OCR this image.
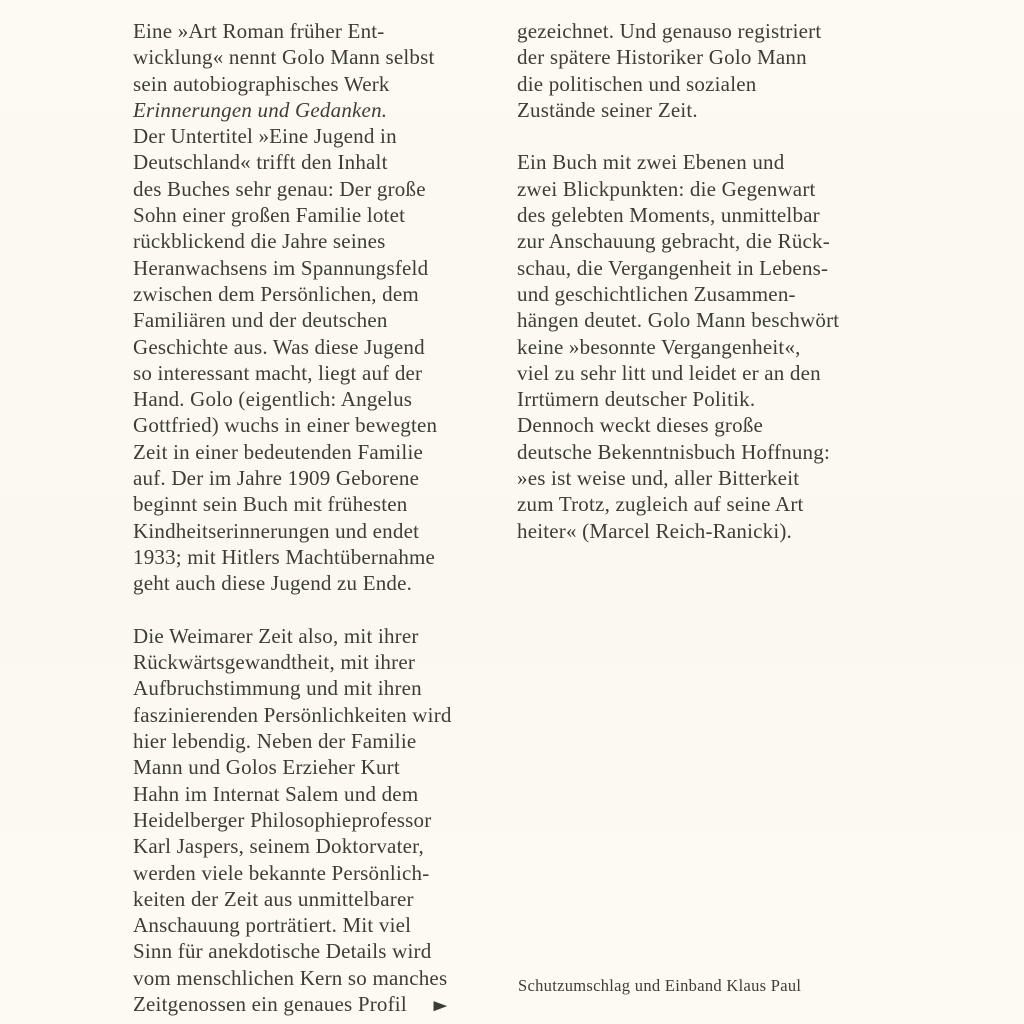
Eine »Art Roman früher Ent-
wicklung« nennt Golo Mann selbst
sein autobiographisches Werk
Erinnerungen und Gedanken.
Der Untertitel »Eine Jugend in
Deutschland« trifft den Inhalt
des Buches sehr genau: Der große
Sohn einer großen Familie lotet
rückblickend die Jahre seines
Heranwachsens im Spannungsfeld
zwischen dem Persönlichen, dem
Familiären und der deutschen
Geschichte aus. Was diese Jugend
so interessant macht, liegt auf der
Hand. Golo (eigentlich: Angelus
Gottfried) wuchs in einer bewegten
Zeit in einer bedeutenden Familie
auf. Der im Jahre 1909 Geborene
beginnt sein Buch mit frühesten
Kindheitserinnerungen und endet
1933; mit Hitlers Machtübernahme
geht auch diese Jugend zu Ende.
Die Weimarer Zeit also, mit ihrer
Rückwärtsgewandtheit, mit ihrer
Aufbruchstimmung und mit ihren
faszinierenden Persönlichkeiten wird
hier lebendig. Neben der Familie
Mann und Golos Erzieher Kurt
Hahn im Internat Salem und dem
Heidelberger Philosophieprofessor
Karl Jaspers, seinem Doktorvater,
werden viele bekannte Persönlich-
keiten der Zeit aus unmittelbarer
Anschauung porträtiert. Mit viel
Sinn für anekdotische Details wird
vom menschlichen Kern so manches
Zeitgenossen ein genaues Profil ►
gezeichnet. Und genauso registriert
der spätere Historiker Golo Mann
die politischen und sozialen
Zustände seiner Zeit.
Ein Buch mit zwei Ebenen und
zwei Blickpunkten: die Gegenwart
des gelebten Moments, unmittelbar
zur Anschauung gebracht, die Rück-
schau, die Vergangenheit in Lebens-
und geschichtlichen Zusammen-
hängen deutet. Golo Mann beschwört
keine »besonnte Vergangenheit«,
viel zu sehr litt und leidet er an den
Irrtümern deutscher Politik.
Dennoch weckt dieses große
deutsche Bekenntnisbuch Hoffnung:
»es ist weise und, aller Bitterkeit
zum Trotz, zugleich auf seine Art
heiter« (Marcel Reich-Ranicki).
Schutzumschlag und Einband Klaus Paul
